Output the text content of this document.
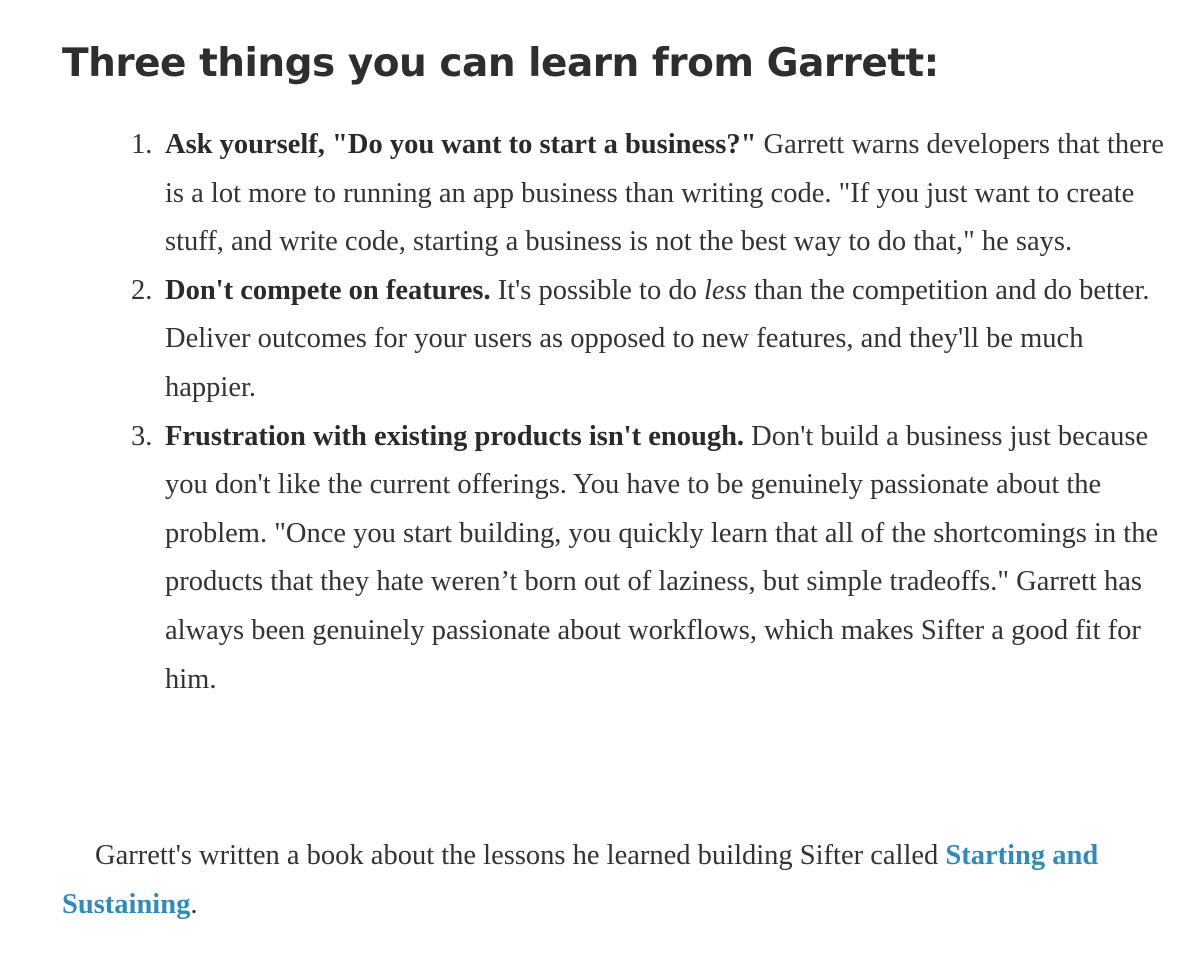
Three things you can learn from Garrett:
1. Ask yourself, "Do you want to start a business?" Garrett warns developers that there is a lot more to running an app business than writing code. "If you just want to create stuff, and write code, starting a business is not the best way to do that," he says.
2. Don't compete on features. It's possible to do less than the competition and do better. Deliver outcomes for your users as opposed to new features, and they'll be much happier.
3. Frustration with existing products isn't enough. Don't build a business just because you don't like the current offerings. You have to be genuinely passionate about the problem. "Once you start building, you quickly learn that all of the shortcomings in the products that they hate weren’t born out of laziness, but simple tradeoffs." Garrett has always been genuinely passionate about workflows, which makes Sifter a good fit for him.

Garrett's written a book about the lessons he learned building Sifter called Starting and Sustaining.
